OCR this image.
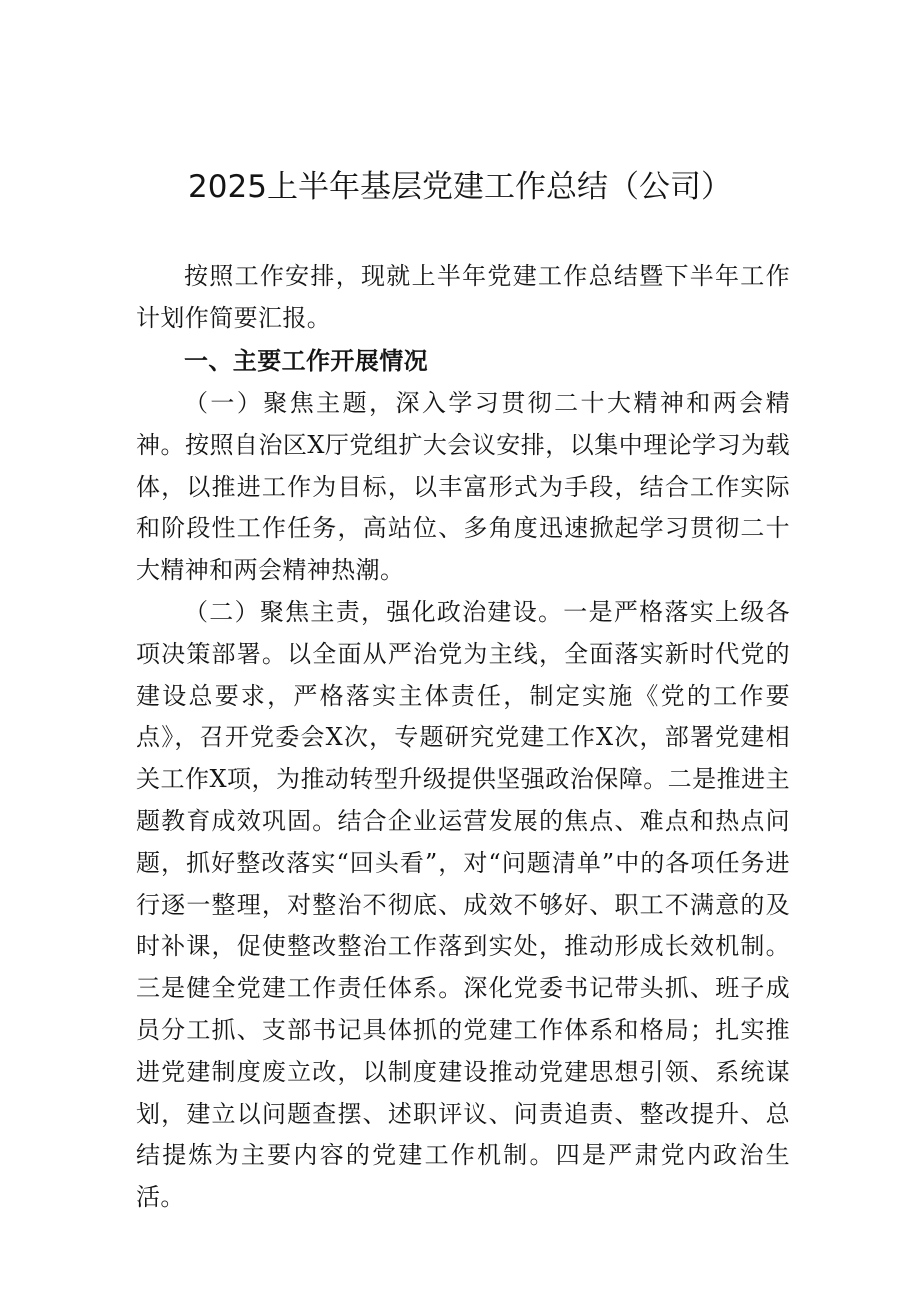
2025上半年基层党建工作总结（公司）

按照工作安排，现就上半年党建工作总结暨下半年工作计划作简要汇报。

一、主要工作开展情况

（一）聚焦主题，深入学习贯彻二十大精神和两会精神。按照自治区X厅党组扩大会议安排，以集中理论学习为载体，以推进工作为目标，以丰富形式为手段，结合工作实际和阶段性工作任务，高站位、多角度迅速掀起学习贯彻二十大精神和两会精神热潮。

（二）聚焦主责，强化政治建设。一是严格落实上级各项决策部署。以全面从严治党为主线，全面落实新时代党的建设总要求，严格落实主体责任，制定实施《党的工作要点》，召开党委会X次，专题研究党建工作X次，部署党建相关工作X项，为推动转型升级提供坚强政治保障。二是推进主题教育成效巩固。结合企业运营发展的焦点、难点和热点问题，抓好整改落实“回头看”，对“问题清单”中的各项任务进行逐一整理，对整治不彻底、成效不够好、职工不满意的及时补课，促使整改整治工作落到实处，推动形成长效机制。三是健全党建工作责任体系。深化党委书记带头抓、班子成员分工抓、支部书记具体抓的党建工作体系和格局；扎实推进党建制度废立改，以制度建设推动党建思想引领、系统谋划，建立以问题查摆、述职评议、问责追责、整改提升、总结提炼为主要内容的党建工作机制。四是严肃党内政治生活。
